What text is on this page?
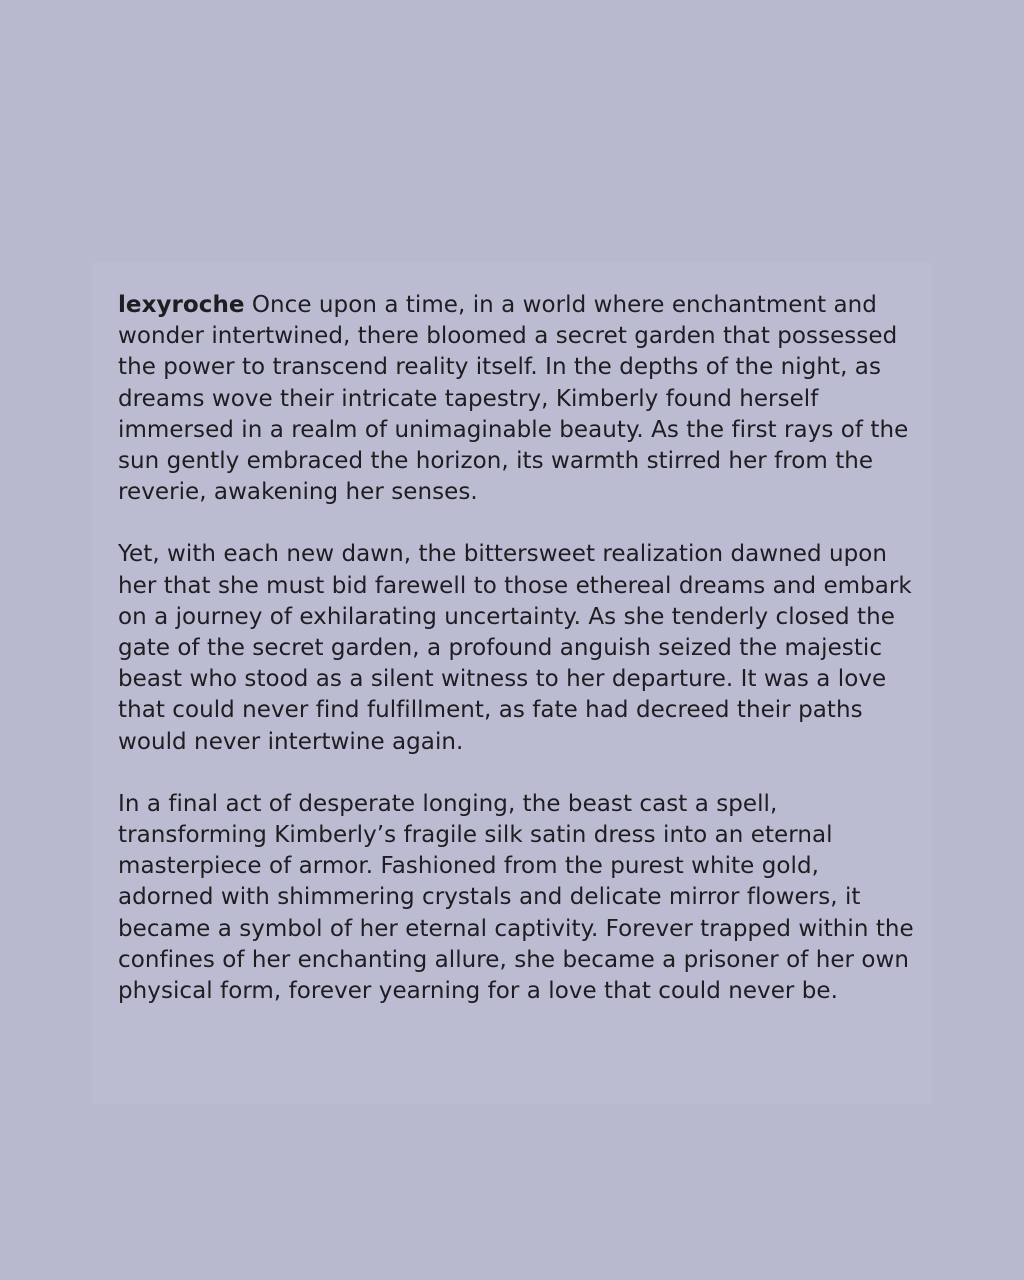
lexyroche Once upon a time, in a world where enchantment and wonder intertwined, there bloomed a secret garden that possessed the power to transcend reality itself. In the depths of the night, as dreams wove their intricate tapestry, Kimberly found herself immersed in a realm of unimaginable beauty. As the first rays of the sun gently embraced the horizon, its warmth stirred her from the reverie, awakening her senses.

Yet, with each new dawn, the bittersweet realization dawned upon her that she must bid farewell to those ethereal dreams and embark on a journey of exhilarating uncertainty. As she tenderly closed the gate of the secret garden, a profound anguish seized the majestic beast who stood as a silent witness to her departure. It was a love that could never find fulfillment, as fate had decreed their paths would never intertwine again.

In a final act of desperate longing, the beast cast a spell, transforming Kimberly’s fragile silk satin dress into an eternal masterpiece of armor. Fashioned from the purest white gold, adorned with shimmering crystals and delicate mirror flowers, it became a symbol of her eternal captivity. Forever trapped within the confines of her enchanting allure, she became a prisoner of her own physical form, forever yearning for a love that could never be.
